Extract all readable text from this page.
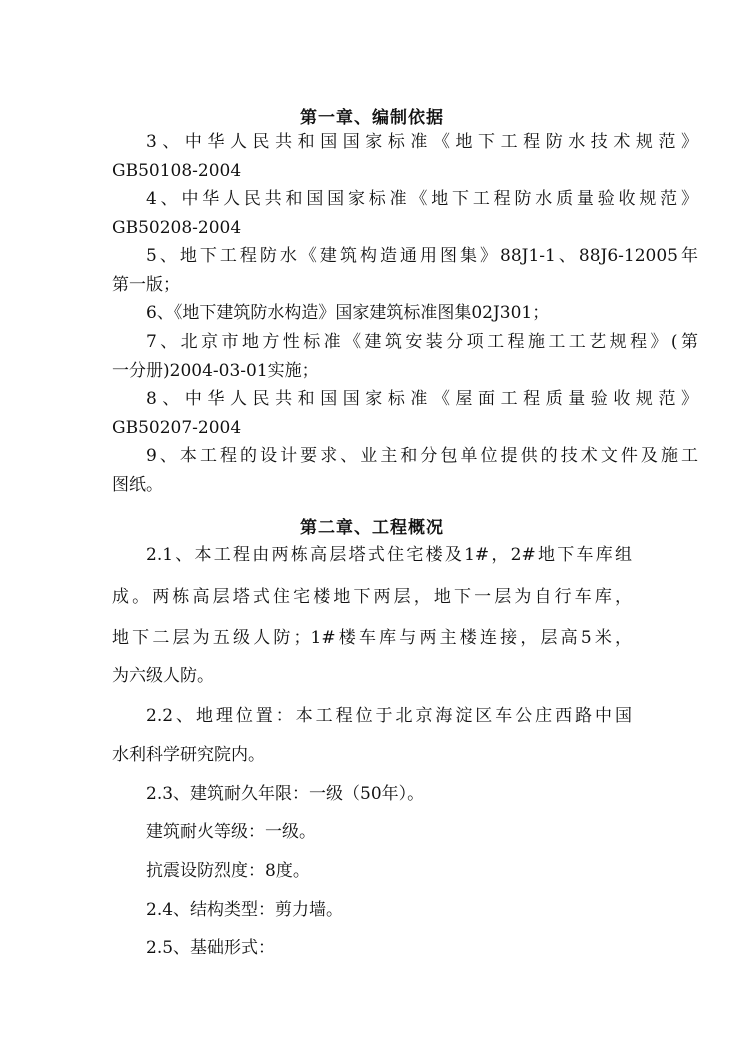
第一章、编制依据
3、中华人民共和国国家标准《地下工程防水技术规范》
GB50108-2004
4、中华人民共和国国家标准《地下工程防水质量验收规范》
GB50208-2004
5、地下工程防水《建筑构造通用图集》88J1-1、88J6-12005年
第一版；
6、《地下建筑防水构造》国家建筑标准图集02J301；
7、北京市地方性标准《建筑安装分项工程施工工艺规程》(第
一分册)2004-03-01实施；
8、中华人民共和国国家标准《屋面工程质量验收规范》
GB50207-2004
9、本工程的设计要求、业主和分包单位提供的技术文件及施工
图纸。
第二章、工程概况
2.1、本工程由两栋高层塔式住宅楼及1#，2#地下车库组
成。两栋高层塔式住宅楼地下两层，地下一层为自行车库，
地下二层为五级人防；1#楼车库与两主楼连接，层高5米，
为六级人防。
2.2、地理位置：本工程位于北京海淀区车公庄西路中国
水利科学研究院内。
2.3、建筑耐久年限：一级（50年）。
建筑耐火等级：一级。
抗震设防烈度：8度。
2.4、结构类型：剪力墙。
2.5、基础形式：
